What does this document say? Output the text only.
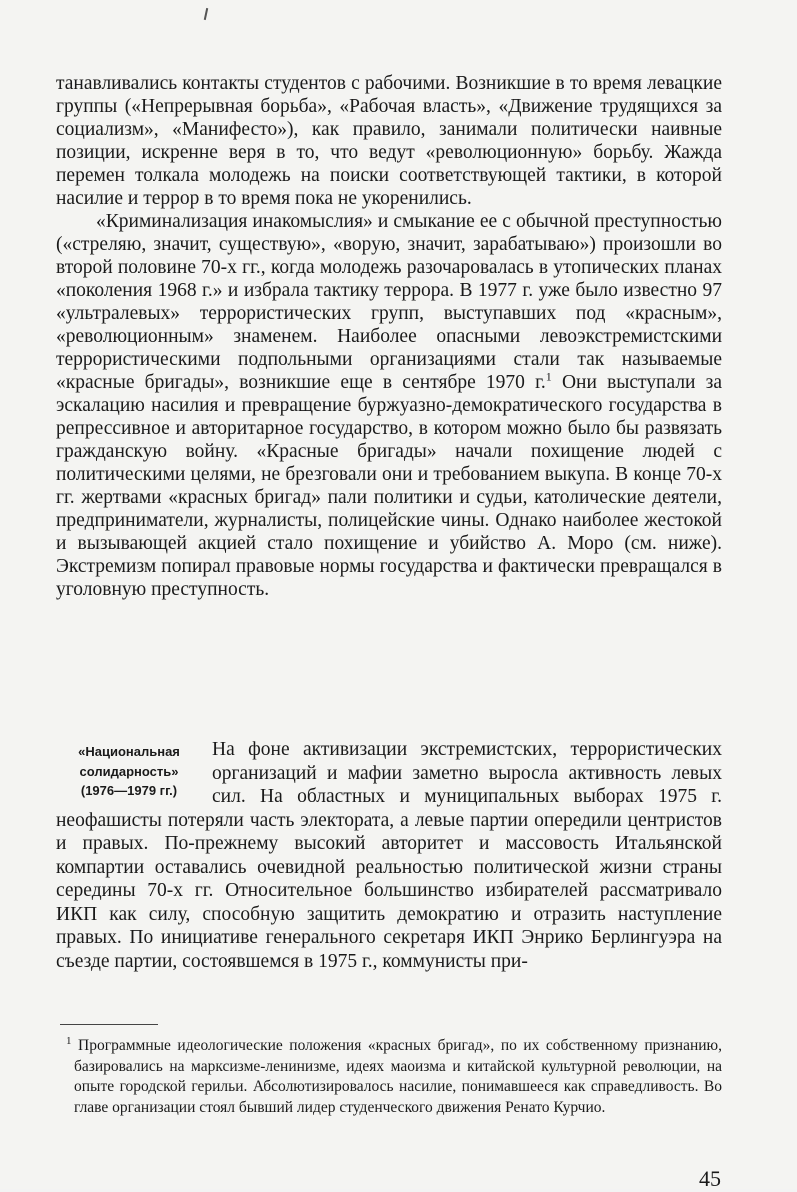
танавливались контакты студентов с рабочими. Возникшие в то время левацкие группы («Непрерывная борьба», «Рабочая власть», «Движение трудящихся за социализм», «Манифесто»), как правило, занимали политически наивные позиции, искренне веря в то, что ведут «революционную» борьбу. Жажда перемен толкала молодежь на поиски соответствующей тактики, в которой насилие и террор в то время пока не укоренились.

«Криминализация инакомыслия» и смыкание ее с обычной преступностью («стреляю, значит, существую», «ворую, значит, зарабатываю») произошли во второй половине 70-х гг., когда молодежь разочаровалась в утопических планах «поколения 1968 г.» и избрала тактику террора. В 1977 г. уже было известно 97 «ультралевых» террористических групп, выступавших под «красным», «революционным» знаменем. Наиболее опасными левоэкстремистскими террористическими подпольными организациями стали так называемые «красные бригады», возникшие еще в сентябре 1970 г.$^1$ Они выступали за эскалацию насилия и превращение буржуазно-демократического государства в репрессивное и авторитарное государство, в котором можно было бы развязать гражданскую войну. «Красные бригады» начали похищение людей с политическими целями, не брезговали они и требованием выкупа. В конце 70-х гг. жертвами «красных бригад» пали политики и судьи, католические деятели, предприниматели, журналисты, полицейские чины. Однако наиболее жестокой и вызывающей акцией стало похищение и убийство А. Моро (см. ниже). Экстремизм попирал правовые нормы государства и фактически превращался в уголовную преступность.

«Национальная
солидарность»
(1976—1979 гг.)

На фоне активизации экстремистских, террористических организаций и мафии заметно выросла активность левых сил. На областных и муниципальных выборах 1975 г. неофашисты потеряли часть электората, а левые партии опередили центристов и правых. По-прежнему высокий авторитет и массовость Итальянской компартии оставались очевидной реальностью политической жизни страны середины 70-х гг. Относительное большинство избирателей рассматривало ИКП как силу, способную защитить демократию и отразить наступление правых. По инициативе генерального секретаря ИКП Энрико Берлингуэра на съезде партии, состоявшемся в 1975 г., коммунисты при-

$^1$ Программные идеологические положения «красных бригад», по их собственному признанию, базировались на марксизме-ленинизме, идеях маоизма и китайской культурной революции, на опыте городской герильи. Абсолютизировалось насилие, понимавшееся как справедливость. Во главе организации стоял бывший лидер студенческого движения Ренато Курчио.

45
